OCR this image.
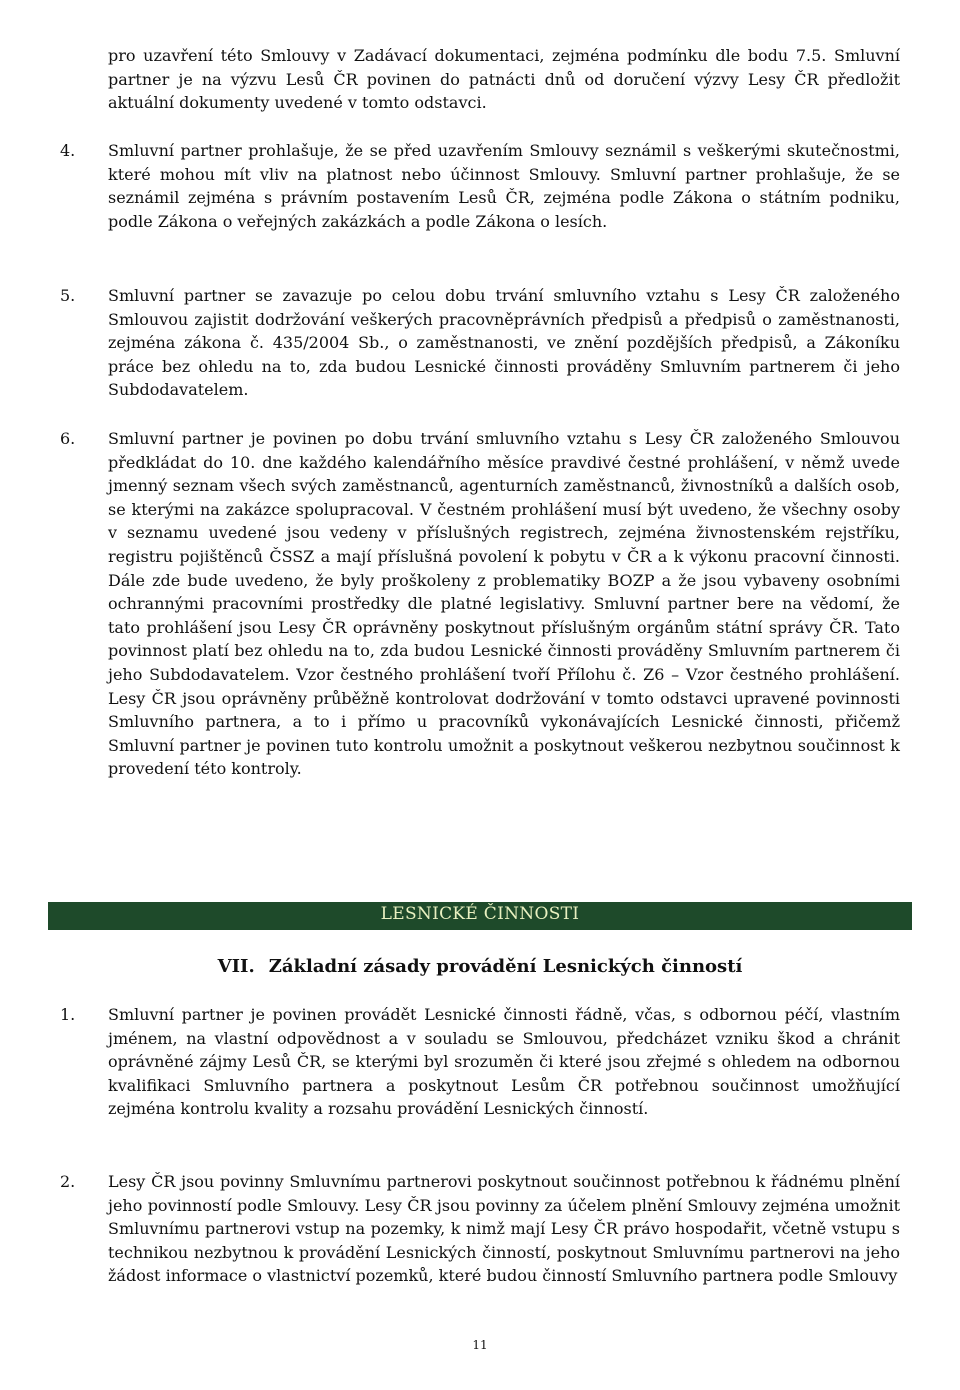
pro uzavření této Smlouvy v Zadávací dokumentaci, zejména podmínku dle bodu 7.5. Smluvní partner je na výzvu Lesů ČR povinen do patnácti dnů od doručení výzvy Lesy ČR předložit aktuální dokumenty uvedené v tomto odstavci.
4. Smluvní partner prohlašuje, že se před uzavřením Smlouvy seznámil s veškerými skutečnostmi, které mohou mít vliv na platnost nebo účinnost Smlouvy. Smluvní partner prohlašuje, že se seznámil zejména s právním postavením Lesů ČR, zejména podle Zákona o státním podniku, podle Zákona o veřejných zakázkách a podle Zákona o lesích.
5. Smluvní partner se zavazuje po celou dobu trvání smluvního vztahu s Lesy ČR založeného Smlouvou zajistit dodržování veškerých pracovněprávních předpisů a předpisů o zaměstnanosti, zejména zákona č. 435/2004 Sb., o zaměstnanosti, ve znění pozdějších předpisů, a Zákoníku práce bez ohledu na to, zda budou Lesnické činnosti prováděny Smluvním partnerem či jeho Subdodavatelem.
6. Smluvní partner je povinen po dobu trvání smluvního vztahu s Lesy ČR založeného Smlouvou předkládat do 10. dne každého kalendářního měsíce pravdivé čestné prohlášení, v němž uvede jmenný seznam všech svých zaměstnanců, agenturních zaměstnanců, živnostníků a dalších osob, se kterými na zakázce spolupracoval. V čestném prohlášení musí být uvedeno, že všechny osoby v seznamu uvedené jsou vedeny v příslušných registrech, zejména živnostenském rejstříku, registru pojištěnců ČSSZ a mají příslušná povolení k pobytu v ČR a k výkonu pracovní činnosti. Dále zde bude uvedeno, že byly proškoleny z problematiky BOZP a že jsou vybaveny osobními ochrannými pracovními prostředky dle platné legislativy. Smluvní partner bere na vědomí, že tato prohlášení jsou Lesy ČR oprávněny poskytnout příslušným orgánům státní správy ČR. Tato povinnost platí bez ohledu na to, zda budou Lesnické činnosti prováděny Smluvním partnerem či jeho Subdodavatelem. Vzor čestného prohlášení tvoří Přílohu č. Z6 – Vzor čestného prohlášení. Lesy ČR jsou oprávněny průběžně kontrolovat dodržování v tomto odstavci upravené povinnosti Smluvního partnera, a to i přímo u pracovníků vykonávajících Lesnické činnosti, přičemž Smluvní partner je povinen tuto kontrolu umožnit a poskytnout veškerou nezbytnou součinnost k provedení této kontroly.
LESNICKÉ ČINNOSTI
VII. Základní zásady provádění Lesnických činností
1. Smluvní partner je povinen provádět Lesnické činnosti řádně, včas, s odbornou péčí, vlastním jménem, na vlastní odpovědnost a v souladu se Smlouvou, předcházet vzniku škod a chránit oprávněné zájmy Lesů ČR, se kterými byl srozuměn či které jsou zřejmé s ohledem na odbornou kvalifikaci Smluvního partnera a poskytnout Lesům ČR potřebnou součinnost umožňující zejména kontrolu kvality a rozsahu provádění Lesnických činností.
2. Lesy ČR jsou povinny Smluvnímu partnerovi poskytnout součinnost potřebnou k řádnému plnění jeho povinností podle Smlouvy. Lesy ČR jsou povinny za účelem plnění Smlouvy zejména umožnit Smluvnímu partnerovi vstup na pozemky, k nimž mají Lesy ČR právo hospodařit, včetně vstupu s technikou nezbytnou k provádění Lesnických činností, poskytnout Smluvnímu partnerovi na jeho žádost informace o vlastnictví pozemků, které budou činností Smluvního partnera podle Smlouvy
11
